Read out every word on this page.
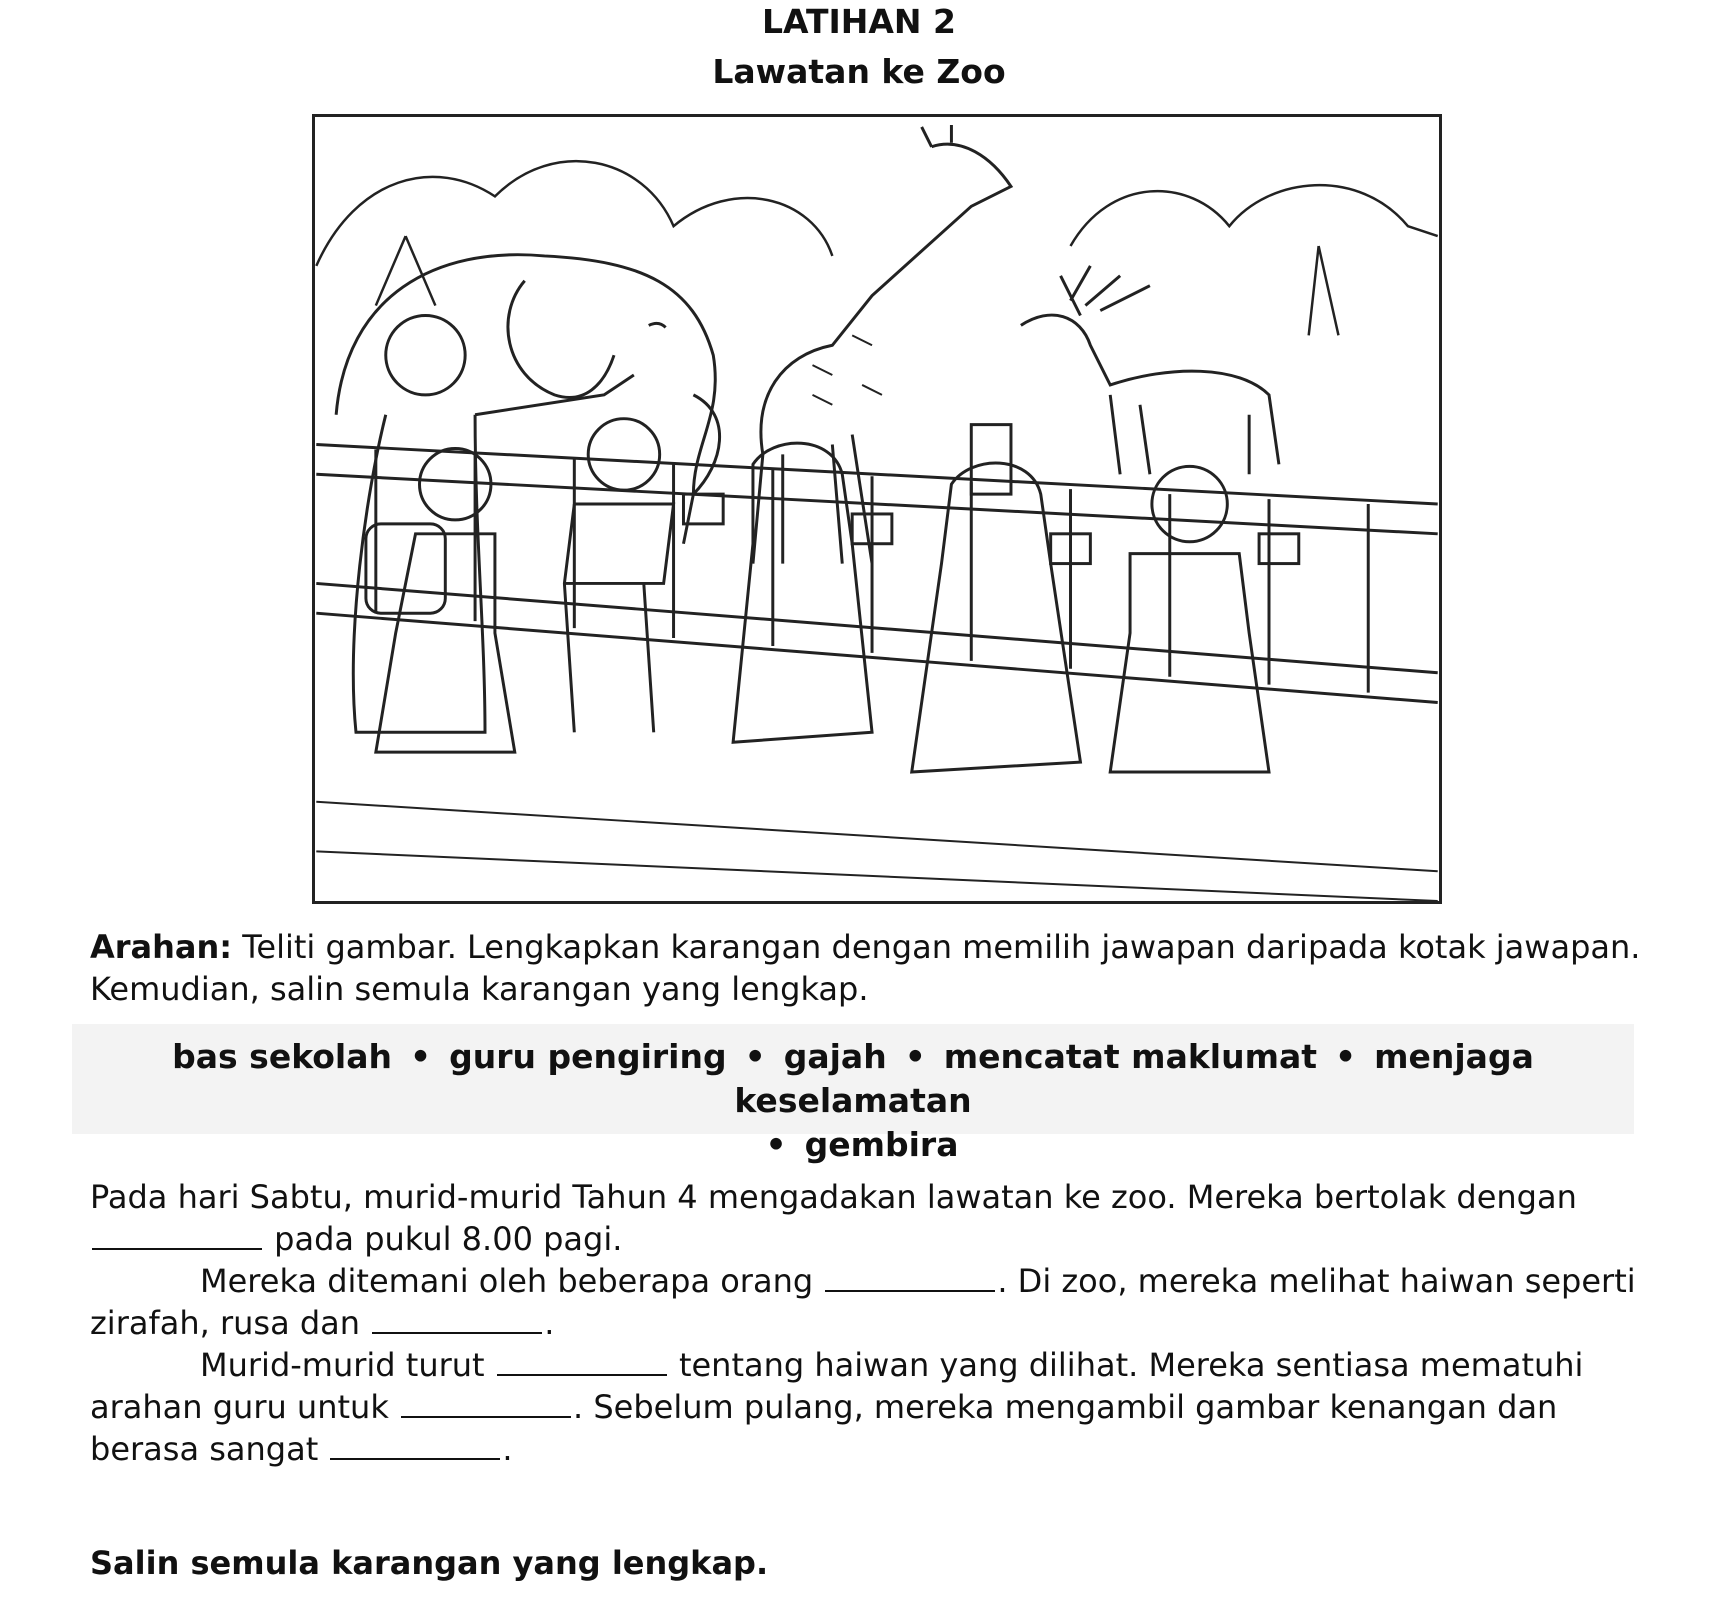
LATIHAN 2
Lawatan ke Zoo
Arahan: Teliti gambar. Lengkapkan karangan dengan memilih jawapan daripada kotak jawapan. Kemudian, salin semula karangan yang lengkap.
bas sekolah • guru pengiring • gajah • mencatat maklumat • menjaga keselamatan
• gembira

Pada hari Sabtu, murid-murid Tahun 4 mengadakan lawatan ke zoo. Mereka bertolak dengan  pada pukul 8.00 pagi.

Mereka ditemani oleh beberapa orang	. Di zoo, mereka melihat haiwan seperti zirafah, rusa dan	.

Murid-murid turut	tentang haiwan yang dilihat. Mereka sentiasa mematuhi arahan guru untuk	. Sebelum pulang, mereka mengambil gambar kenangan dan berasa sangat	.

Salin semula karangan yang lengkap.
